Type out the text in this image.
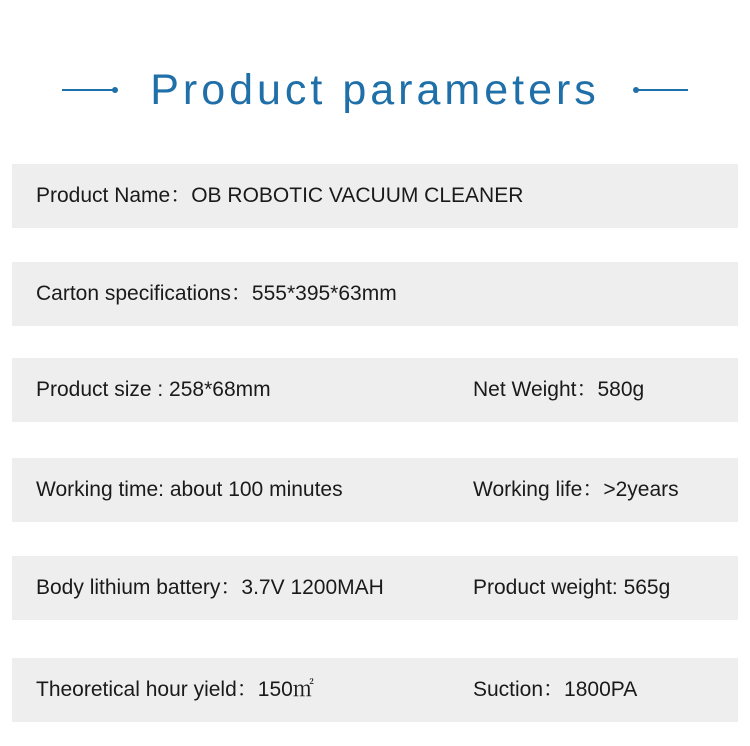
Product parameters
Product Name：OB ROBOTIC VACUUM CLEANER
Carton specifications：555*395*63mm
Product size : 258*68mm	Net Weight：580g
Working time: about 100 minutes	Working life：>2years
Body lithium battery：3.7V 1200MAH	Product weight: 565g
Theoretical hour yield：150㎡	Suction：1800PA
